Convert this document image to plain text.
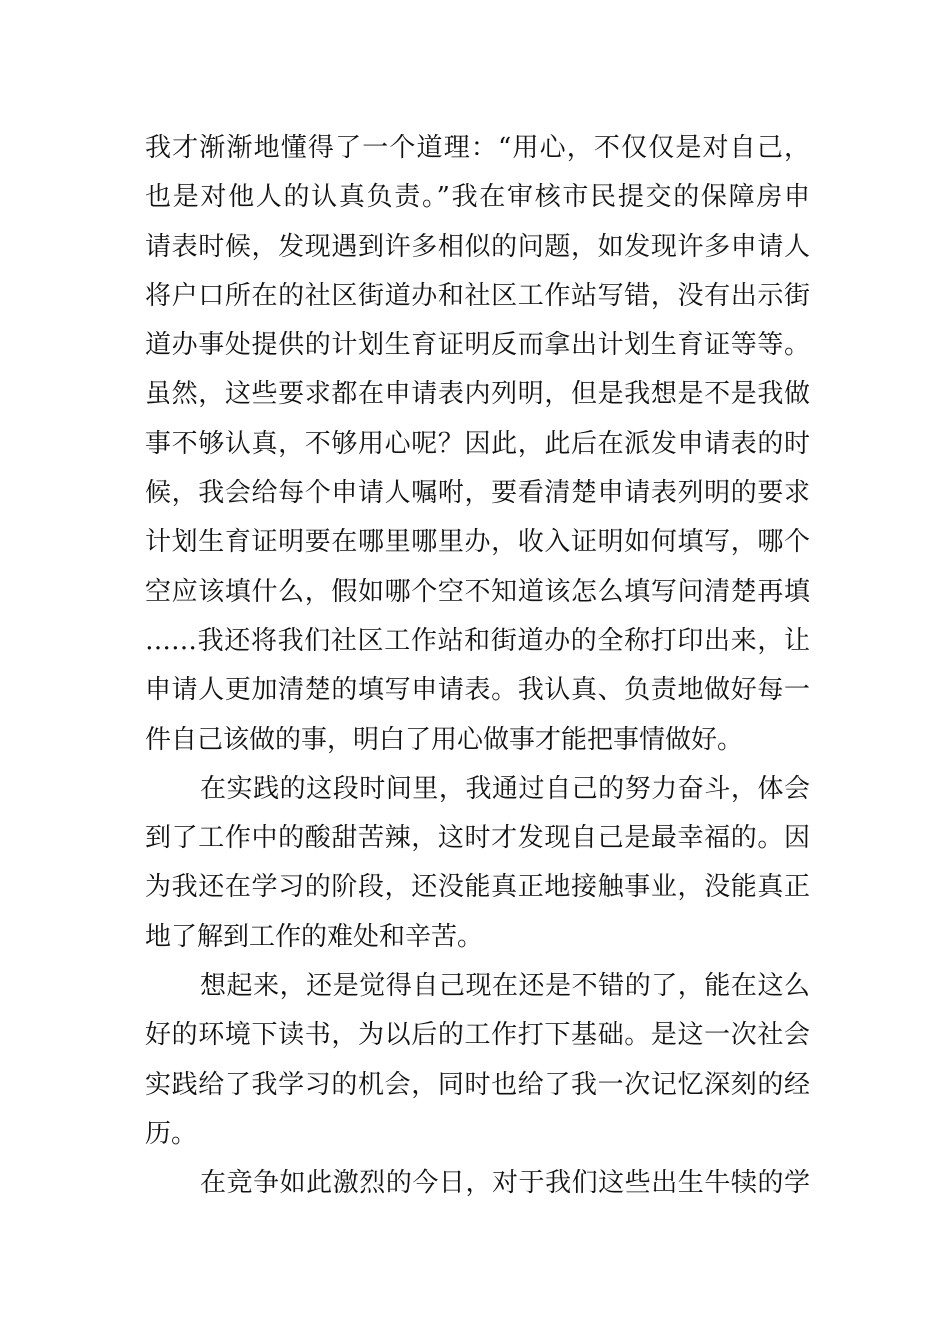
我才渐渐地懂得了一个道理：“用心，不仅仅是对自己，
也是对他人的认真负责。”我在审核市民提交的保障房申
请表时候，发现遇到许多相似的问题，如发现许多申请人
将户口所在的社区街道办和社区工作站写错，没有出示街
道办事处提供的计划生育证明反而拿出计划生育证等等。
虽然，这些要求都在申请表内列明，但是我想是不是我做
事不够认真，不够用心呢？因此，此后在派发申请表的时
候，我会给每个申请人嘱咐，要看清楚申请表列明的要求
计划生育证明要在哪里哪里办，收入证明如何填写，哪个
空应该填什么，假如哪个空不知道该怎么填写问清楚再填
……我还将我们社区工作站和街道办的全称打印出来，让
申请人更加清楚的填写申请表。我认真、负责地做好每一
件自己该做的事，明白了用心做事才能把事情做好。
在实践的这段时间里，我通过自己的努力奋斗，体会
到了工作中的酸甜苦辣，这时才发现自己是最幸福的。因
为我还在学习的阶段，还没能真正地接触事业，没能真正
地了解到工作的难处和辛苦。
想起来，还是觉得自己现在还是不错的了，能在这么
好的环境下读书，为以后的工作打下基础。是这一次社会
实践给了我学习的机会，同时也给了我一次记忆深刻的经
历。
在竞争如此激烈的今日，对于我们这些出生牛犊的学
